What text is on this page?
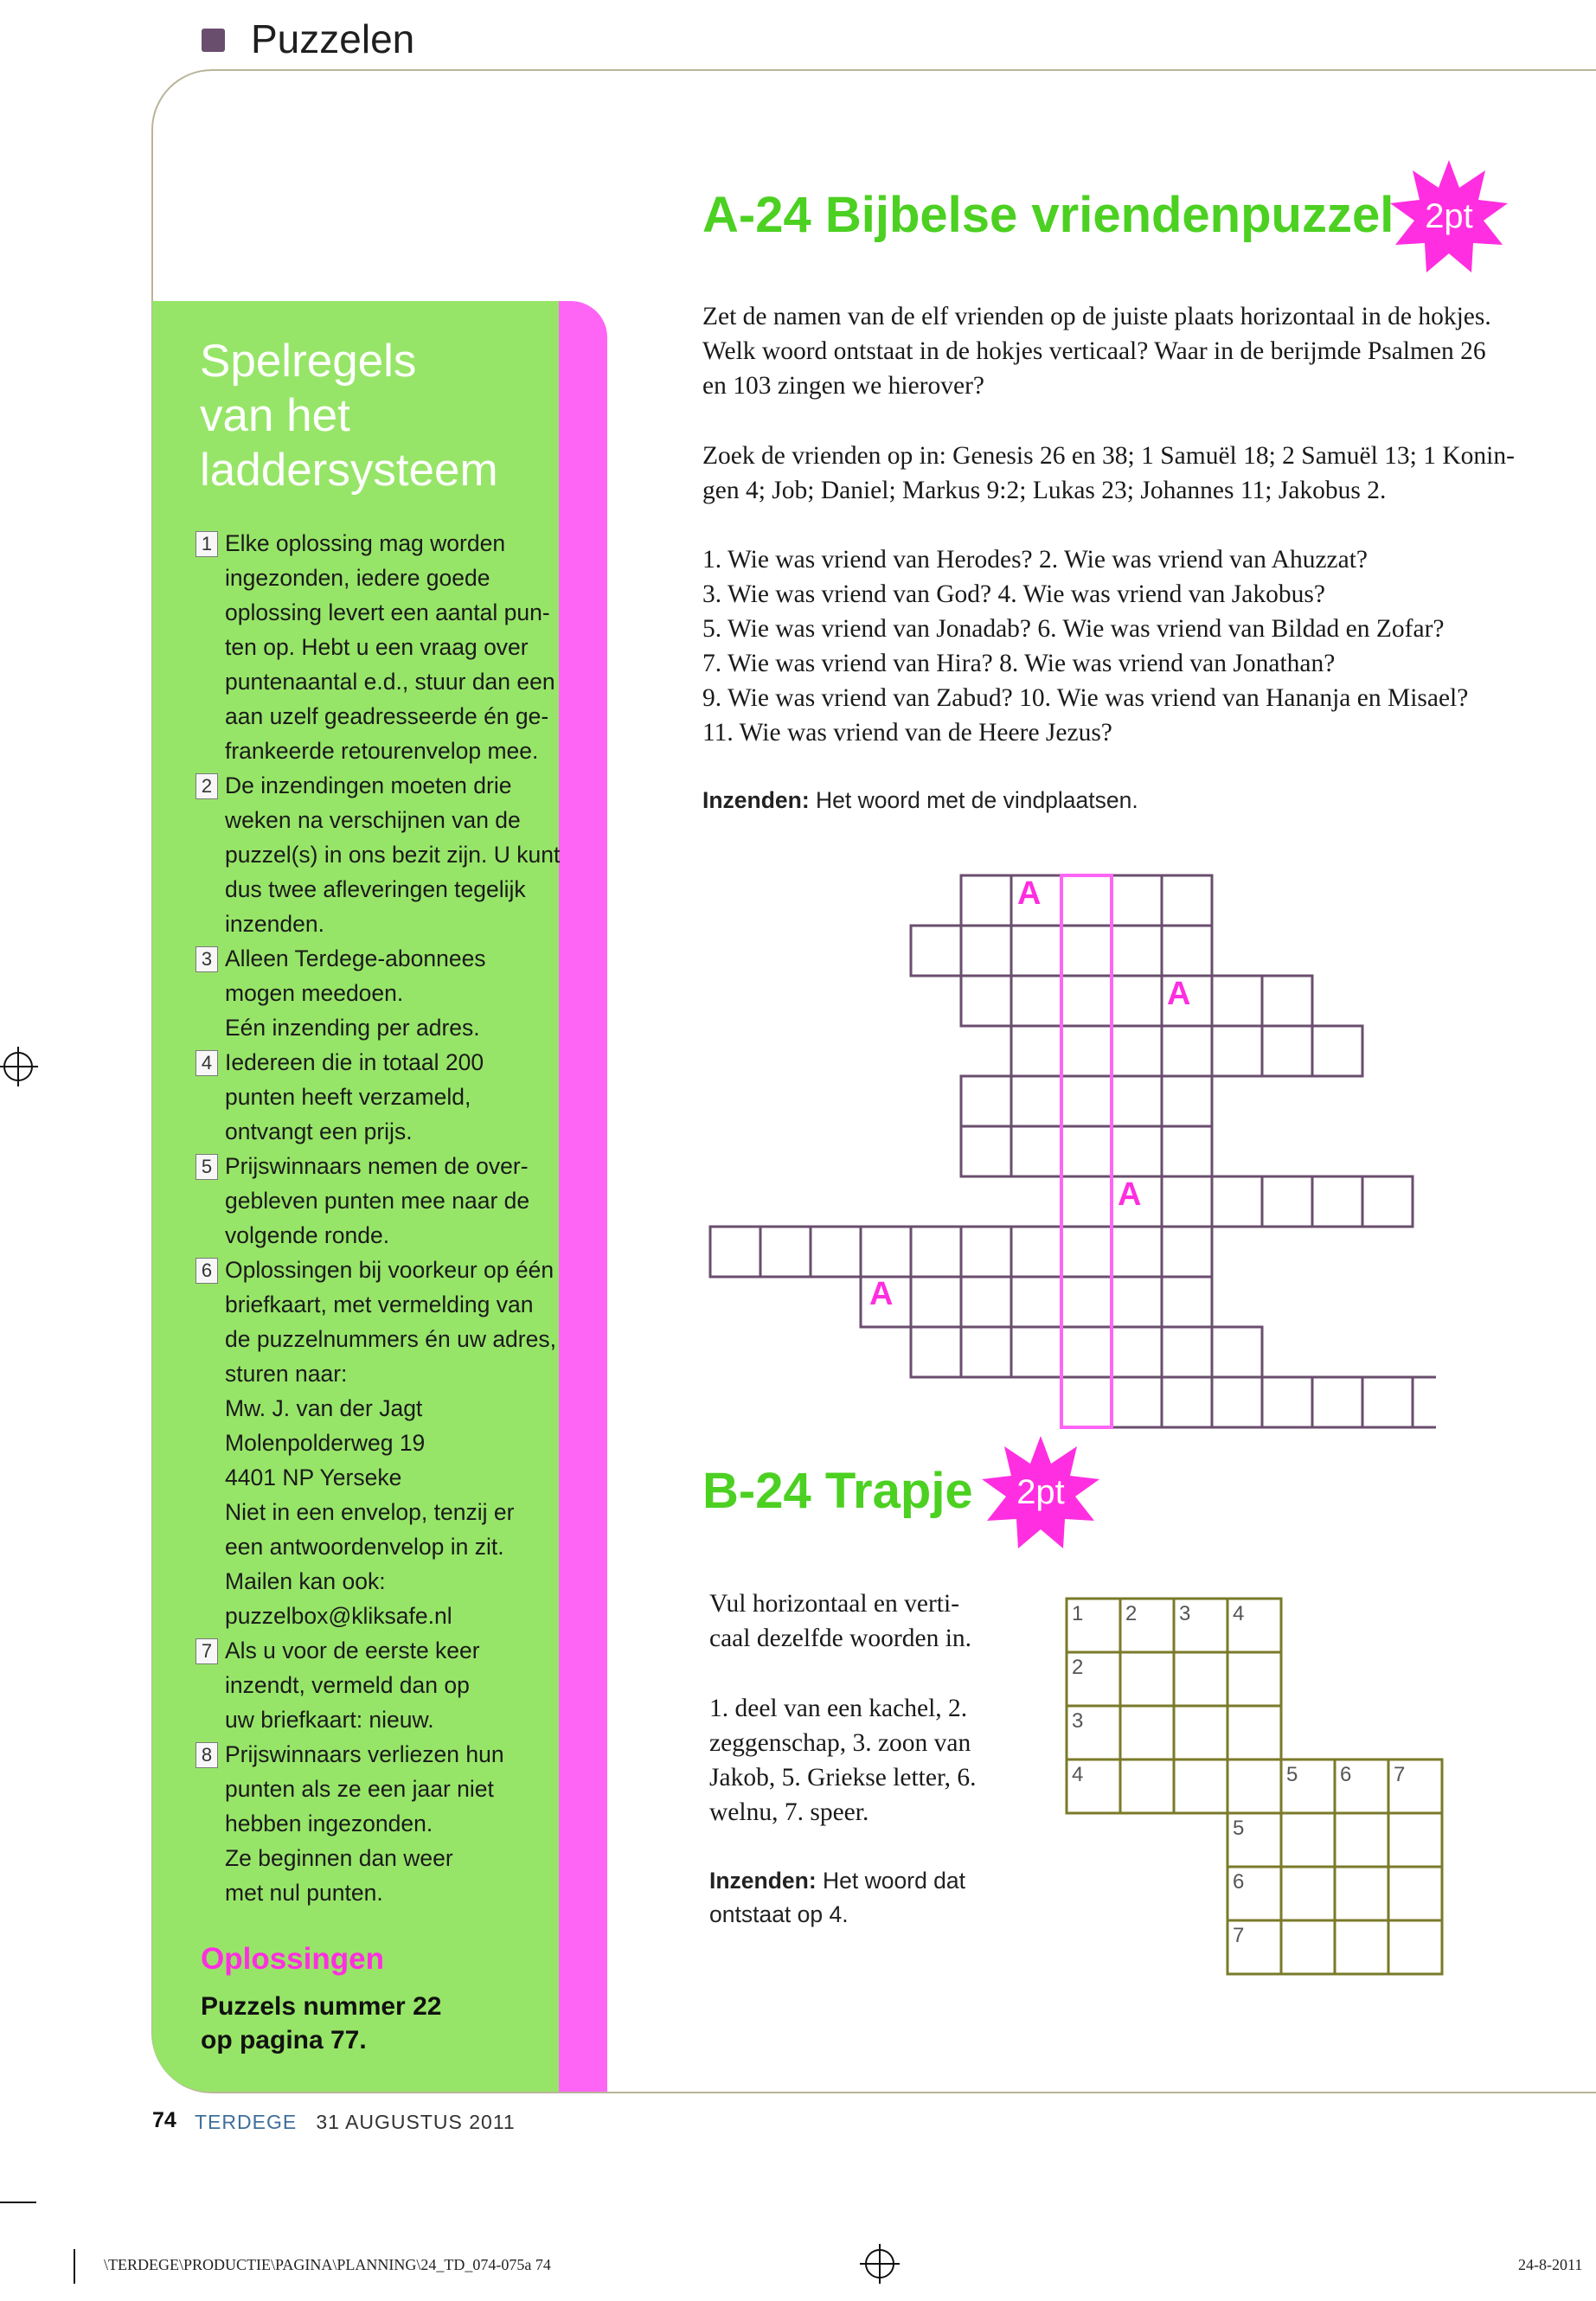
Puzzelen
Spelregels
van het
laddersysteem
1 Elke oplossing mag worden
ingezonden, iedere goede
oplossing levert een aantal pun-
ten op. Hebt u een vraag over
puntenaantal e.d., stuur dan een
aan uzelf geadresseerde én ge-
frankeerde retourenvelop mee.
2 De inzendingen moeten drie
weken na verschijnen van de
puzzel(s) in ons bezit zijn. U kunt
dus twee afleveringen tegelijk
inzenden.
3 Alleen Terdege-abonnees
mogen meedoen.
Eén inzending per adres.
4 Iedereen die in totaal 200
punten heeft verzameld,
ontvangt een prijs.
5 Prijswinnaars nemen de over-
gebleven punten mee naar de
volgende ronde.
6 Oplossingen bij voorkeur op één
briefkaart, met vermelding van
de puzzelnummers én uw adres,
sturen naar:
Mw. J. van der Jagt
Molenpolderweg 19
4401 NP Yerseke
Niet in een envelop, tenzij er
een antwoordenvelop in zit.
Mailen kan ook:
puzzelbox@kliksafe.nl
7 Als u voor de eerste keer
inzendt, vermeld dan op
uw briefkaart: nieuw.
8 Prijswinnaars verliezen hun
punten als ze een jaar niet
hebben ingezonden.
Ze beginnen dan weer
met nul punten.
Oplossingen
Puzzels nummer 22
op pagina 77.
A-24 Bijbelse vriendenpuzzel 2pt
Zet de namen van de elf vrienden op de juiste plaats horizontaal in de hokjes.
Welk woord ontstaat in de hokjes verticaal? Waar in de berijmde Psalmen 26
en 103 zingen we hierover?
Zoek de vrienden op in: Genesis 26 en 38; 1 Samuël 18; 2 Samuël 13; 1 Konin-
gen 4; Job; Daniel; Markus 9:2; Lukas 23; Johannes 11; Jakobus 2.
1. Wie was vriend van Herodes? 2. Wie was vriend van Ahuzzat?
3. Wie was vriend van God? 4. Wie was vriend van Jakobus?
5. Wie was vriend van Jonadab? 6. Wie was vriend van Bildad en Zofar?
7. Wie was vriend van Hira? 8. Wie was vriend van Jonathan?
9. Wie was vriend van Zabud? 10. Wie was vriend van Hananja en Misael?
11. Wie was vriend van de Heere Jezus?
Inzenden: Het woord met de vindplaatsen.
A
A
A
A
B-24 Trapje	2pt
Vul horizontaal en verti-
caal dezelfde woorden in.
1. deel van een kachel, 2.
zeggenschap, 3. zoon van
Jakob, 5. Griekse letter, 6.
welnu, 7. speer.
Inzenden: Het woord dat
ontstaat op 4.
1 2 3 4
2
3
4	5 6 7
5
6
7
74 TERDEGE 31 AUGUSTUS 2011
\TERDEGE\PRODUCTIE\PAGINA\PLANNING\24_TD_074-075a 74	24-8-2011
